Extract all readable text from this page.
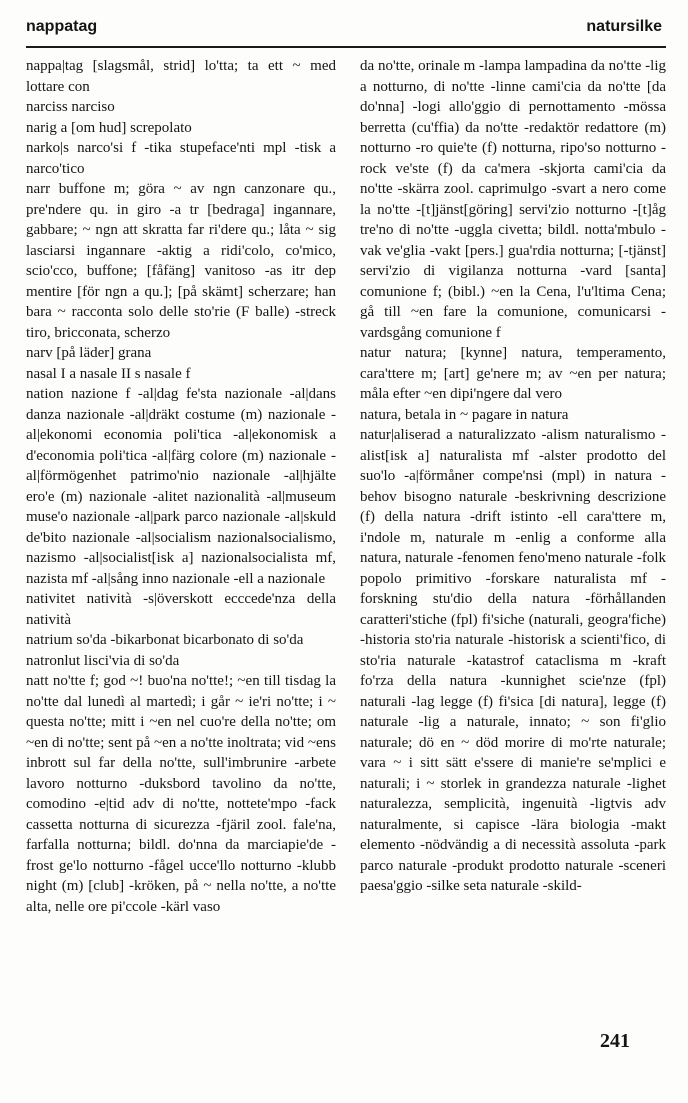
nappatag	natursilke

nappa|tag [slagsmål, strid] lo'tta; ta ett ~ med lottare con

narciss narciso

narig a [om hud] screpolato

narko|s narco'si f -tika stupeface'nti mpl -tisk a narco'tico

narr buffone m; göra ~ av ngn canzonare qu., pre'ndere qu. in giro -a tr [bedraga] ingannare, gabbare; ~ ngn att skratta far ri'dere qu.; låta ~ sig lasciarsi ingannare -aktig a ridi'colo, co'mico, scio'cco, buffone; [fåfäng] vanitoso -as itr dep mentire [för ngn a qu.]; [på skämt] scherzare; han bara ~ racconta solo delle sto'rie (F balle) -streck tiro, bricconata, scherzo

narv [på läder] grana

nasal I a nasale II s nasale f

nation nazione f -al|dag fe'sta nazionale -al|dans danza nazionale -al|dräkt costume (m) nazionale -al|ekonomi economia poli'tica -al|ekonomisk a d'economia poli'tica -al|färg colore (m) nazionale -al|förmögenhet patrimo'nio nazionale -al|hjälte ero'e (m) nazionale -alitet nazionalità -al|museum muse'o nazionale -al|park parco nazionale -al|skuld de'bito nazionale -al|socialism nazionalsocialismo, nazismo -al|socialist[isk a] nazionalsocialista mf, nazista mf -al|sång inno nazionale -ell a nazionale

nativitet natività -s|överskott ecccede'nza della natività

natrium so'da -bikarbonat bicarbonato di so'da

natronlut lisci'via di so'da

natt no'tte f; god ~! buo'na no'tte!; ~en till tisdag la no'tte dal lunedì al martedì; i går ~ ie'ri no'tte; i ~ questa no'tte; mitt i ~en nel cuo're della no'tte; om ~en di no'tte; sent på ~en a no'tte inoltrata; vid ~ens inbrott sul far della no'tte, sull'imbrunire -arbete lavoro notturno -duksbord tavolino da no'tte, comodino -e|tid adv di no'tte, nottete'mpo -fack cassetta notturna di sicurezza -fjäril zool. fale'na, farfalla notturna; bildl. do'nna da marciapie'de -frost ge'lo notturno -fågel ucce'llo notturno -klubb night (m) [club] -kröken, på ~ nella no'tte, a no'tte alta, nelle ore pi'ccole -kärl vaso

da no'tte, orinale m -lampa lampadina da no'tte -lig a notturno, di no'tte -linne cami'cia da no'tte [da do'nna] -logi allo'ggio di pernottamento -mössa berretta (cu'ffia) da no'tte -redaktör redattore (m) notturno -ro quie'te (f) notturna, ripo'so notturno -rock ve'ste (f) da ca'mera -skjorta cami'cia da no'tte -skärra zool. caprimulgo -svart a nero come la no'tte -[t]jänst[göring] servi'zio notturno -[t]åg tre'no di no'tte -uggla civetta; bildl. notta'mbulo -vak ve'glia -vakt [pers.] gua'rdia notturna; [-tjänst] servi'zio di vigilanza notturna -vard [santa] comunione f; (bibl.) ~en la Cena, l'u'ltima Cena; gå till ~en fare la comunione, comunicarsi -vardsgång comunione f

natur natura; [kynne] natura, temperamento, cara'ttere m; [art] ge'nere m; av ~en per natura; måla efter ~en dipi'ngere dal vero

natura, betala in ~ pagare in natura

natur|aliserad a naturalizzato -alism naturalismo -alist[isk a] naturalista mf -alster prodotto del suo'lo -a|förmåner compe'nsi (mpl) in natura -behov bisogno naturale -beskrivning descrizione (f) della natura -drift istinto -ell cara'ttere m, i'ndole m, naturale m -enlig a conforme alla natura, naturale -fenomen feno'meno naturale -folk popolo primitivo -forskare naturalista mf -forskning stu'dio della natura -förhållanden caratteri'stiche (fpl) fi'siche (naturali, geogra'fiche) -historia sto'ria naturale -historisk a scienti'fico, di sto'ria naturale -katastrof cataclisma m -kraft fo'rza della natura -kunnighet scie'nze (fpl) naturali -lag legge (f) fi'sica [di natura], legge (f) naturale -lig a naturale, innato; ~ son fi'glio naturale; dö en ~ död morire di mo'rte naturale; vara ~ i sitt sätt e'ssere di manie're se'mplici e naturali; i ~ storlek in grandezza naturale -lighet naturalezza, semplicità, ingenuità -ligtvis adv naturalmente, si capisce -lära biologia -makt elemento -nödvändig a di necessità assoluta -park parco naturale -produkt prodotto naturale -sceneri paesa'ggio -silke seta naturale -skild-

241
